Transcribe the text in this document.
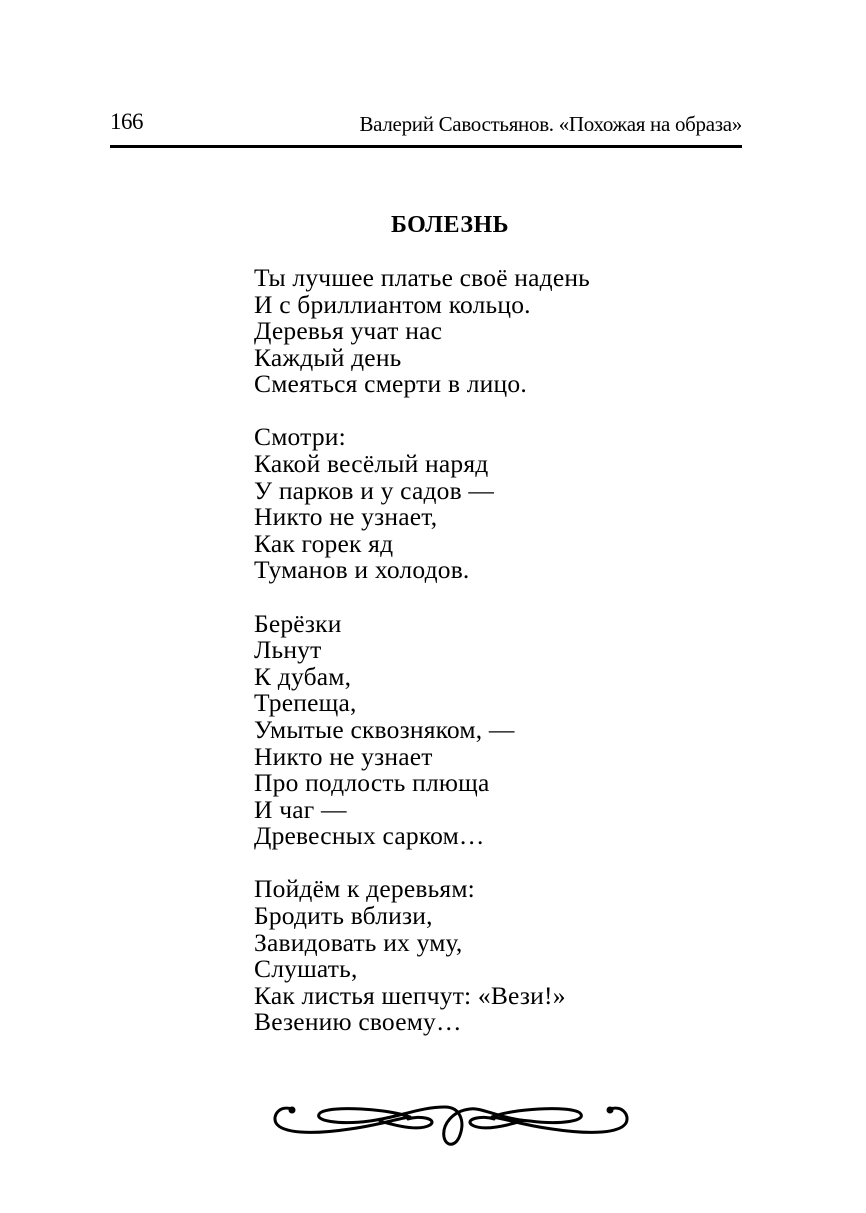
166	Валерий Савостьянов. «Похожая на образа»
БОЛЕЗНЬ
Ты лучшее платье своё надень
И с бриллиантом кольцо.
Деревья учат нас
Каждый день
Смеяться смерти в лицо.
Смотри:
Какой весёлый наряд
У парков и у садов —
Никто не узнает,
Как горек яд
Туманов и холодов.
Берёзки
Льнут
К дубам,
Трепеща,
Умытые сквозняком, —
Никто не узнает
Про подлость плюща
И чаг —
Древесных сарком…
Пойдём к деревьям:
Бродить вблизи,
Завидовать их уму,
Слушать,
Как листья шепчут: «Вези!»
Везению своему…
